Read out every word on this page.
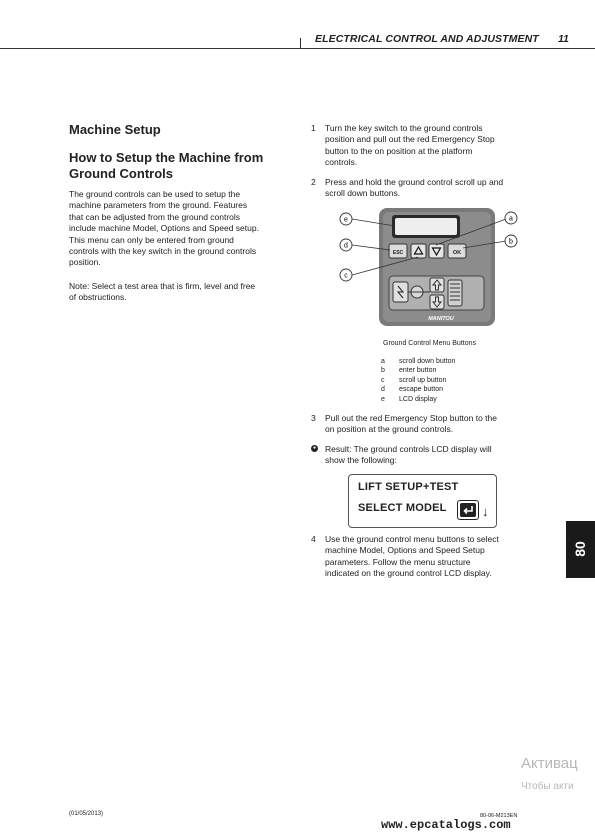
ELECTRICAL CONTROL AND ADJUSTMENT 11
Machine Setup
How to Setup the Machine from
Ground Controls
The ground controls can be used to setup the
machine parameters from the ground. Features
that can be adjusted from the ground controls
include machine Model, Options and Speed setup.
This menu can only be entered from ground
controls with the key switch in the ground controls
position.
Note: Select a test area that is firm, level and free
of obstructions.
1	Turn the key switch to the ground controls
position and pull out the red Emergency Stop
button to the on position at the platform
controls.
2	Press and hold the ground control scroll up and
scroll down buttons.
ESC	OK
MANITOU
e
d
c
a
b
Ground Control Menu Buttons
a scroll down button
b enter button
c scroll up button
d escape button
e LCD display
3	Pull out the red Emergency Stop button to the
on position at the ground controls.
● Result: The ground controls LCD display will
show the following:
LIFT SETUP+TEST
SELECT MODEL	↓
4	Use the ground control menu buttons to select
machine Model, Options and Speed Setup
parameters. Follow the menu structure
indicated on the ground control LCD display.
80
Активац
Чтобы акти
(01/05/2013)	80-06-M213EN
www.epcatalogs.com
